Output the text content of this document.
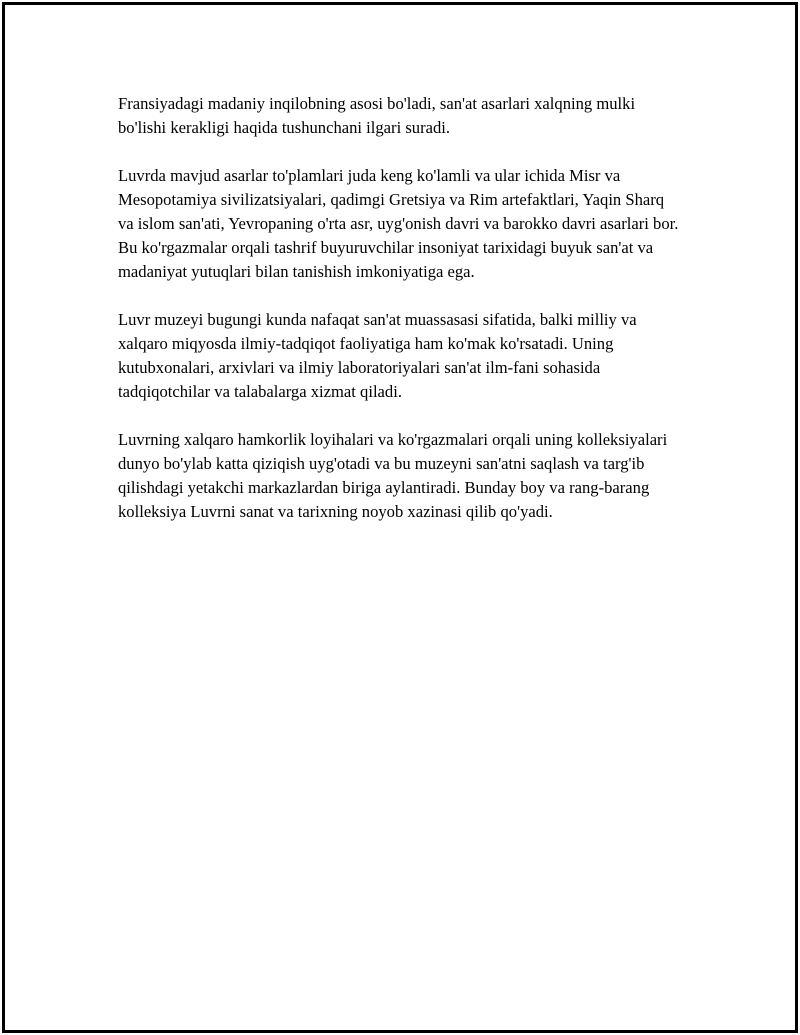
Fransiyadagi madaniy inqilobning asosi bo'ladi, san'at asarlari xalqning mulki bo'lishi kerakligi haqida tushunchani ilgari suradi.

Luvrda mavjud asarlar to'plamlari juda keng ko'lamli va ular ichida Misr va Mesopotamiya sivilizatsiyalari, qadimgi Gretsiya va Rim artefaktlari, Yaqin Sharq va islom san'ati, Yevropaning o'rta asr, uyg'onish davri va barokko davri asarlari bor. Bu ko'rgazmalar orqali tashrif buyuruvchilar insoniyat tarixidagi buyuk san'at va madaniyat yutuqlari bilan tanishish imkoniyatiga ega.

Luvr muzeyi bugungi kunda nafaqat san'at muassasasi sifatida, balki milliy va xalqaro miqyosda ilmiy-tadqiqot faoliyatiga ham ko'mak ko'rsatadi. Uning kutubxonalari, arxivlari va ilmiy laboratoriyalari san'at ilm-fani sohasida tadqiqotchilar va talabalarga xizmat qiladi.

Luvrning xalqaro hamkorlik loyihalari va ko'rgazmalari orqali uning kolleksiyalari dunyo bo'ylab katta qiziqish uyg'otadi va bu muzeyni san'atni saqlash va targ'ib qilishdagi yetakchi markazlardan biriga aylantiradi. Bunday boy va rang-barang kolleksiya Luvrni sanat va tarixning noyob xazinasi qilib qo'yadi.
